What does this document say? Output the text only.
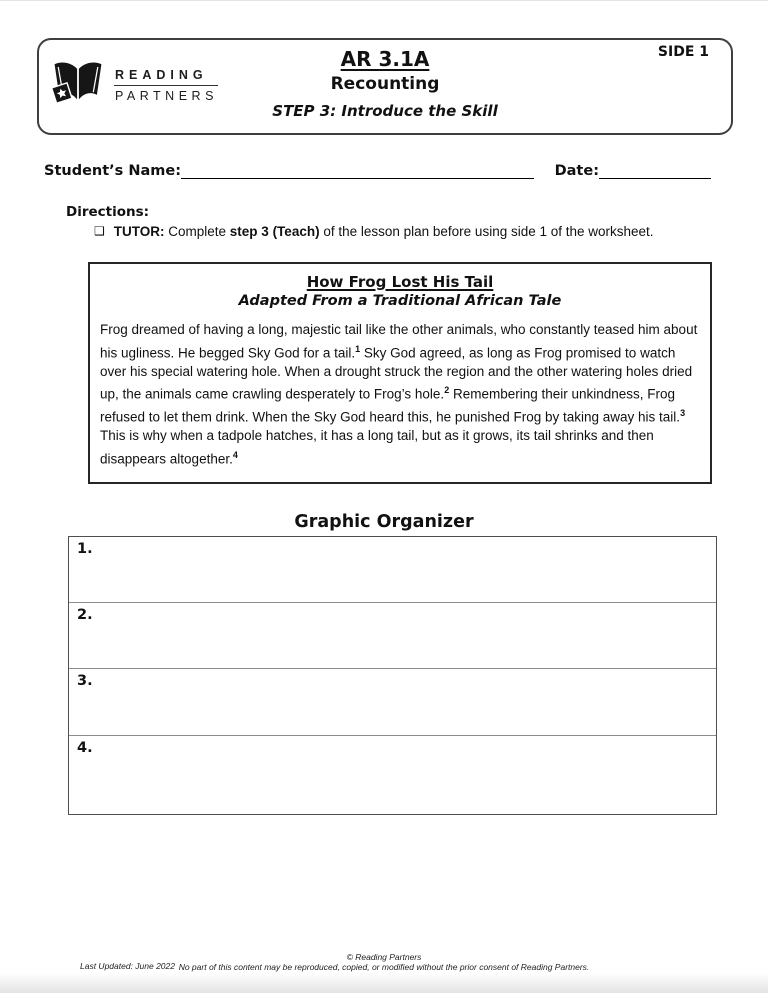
SIDE 1
READING
PARTNERS
AR 3.1A
Recounting
STEP 3: Introduce the Skill
Student’s Name:	Date:
Directions:
❑ TUTOR: Complete step 3 (Teach) of the lesson plan before using side 1 of the worksheet.
How Frog Lost His Tail
Adapted From a Traditional African Tale

Frog dreamed of having a long, majestic tail like the other animals, who constantly teased him about his ugliness. He begged Sky God for a tail.$^1$ Sky God agreed, as long as Frog promised to watch over his special watering hole. When a drought struck the region and the other watering holes dried up, the animals came crawling desperately to Frog’s hole.$^2$ Remembering their unkindness, Frog refused to let them drink. When the Sky God heard this, he punished Frog by taking away his tail.$^3$ This is why when a tadpole hatches, it has a long tail, but as it grows, its tail shrinks and then disappears altogether.$^4$

Graphic Organizer
1.
2.
3.
4.
Last Updated: June 2022
© Reading Partners
No part of this content may be reproduced, copied, or modified without the prior consent of Reading Partners.
